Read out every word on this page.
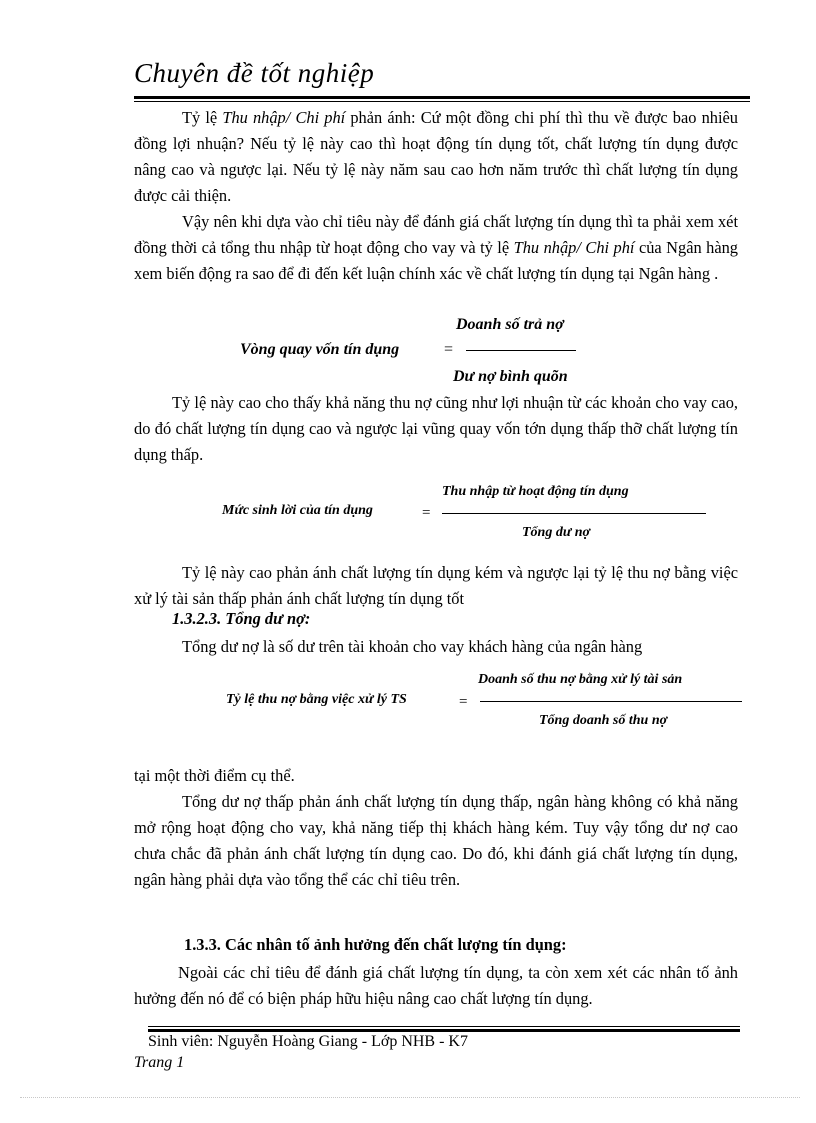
Chuyên đề tốt nghiệp

Tỷ lệ Thu nhập/ Chi phí phản ánh: Cứ một đồng chi phí thì thu về được bao nhiêu đồng lợi nhuận? Nếu tỷ lệ này cao thì hoạt động tín dụng tốt, chất lượng tín dụng được nâng cao và ngược lại. Nếu tỷ lệ này năm sau cao hơn năm trước thì chất lượng tín dụng được cải thiện.

Vậy nên khi dựa vào chỉ tiêu này để đánh giá chất lượng tín dụng thì ta phải xem xét đồng thời cả tổng thu nhập từ hoạt động cho vay và tỷ lệ Thu nhập/ Chi phí của Ngân hàng xem biến động ra sao để đi đến kết luận chính xác về chất lượng tín dụng tại Ngân hàng .

Vòng quay vốn tín dụng	=
Doanh số trả nợ
Dư nợ bình quõn

Tỷ lệ này cao cho thấy khả năng thu nợ cũng như lợi nhuận từ các khoản cho vay cao, do đó chất lượng tín dụng cao và ngược lại vũng quay vốn tớn dụng thấp thỡ chất lượng tín dụng thấp.

Mức sinh lời của tín dụng	=
Thu nhập từ hoạt động tín dụng
Tổng dư nợ

Tỷ lệ này cao phản ánh chất lượng tín dụng kém và ngược lại tỷ lệ thu nợ bằng việc xử lý tài sản thấp phản ánh chất lượng tín dụng tốt

1.3.2.3. Tổng dư nợ:

Tổng dư nợ là số dư trên tài khoản cho vay khách hàng của ngân hàng

Tỷ lệ thu nợ bằng việc xử lý TS	=
Doanh số thu nợ bằng xử lý tài sản
Tổng doanh số thu nợ

tại một thời điểm cụ thể.

Tổng dư nợ thấp phản ánh chất lượng tín dụng thấp, ngân hàng không có khả năng mở rộng hoạt động cho vay, khả năng tiếp thị khách hàng kém. Tuy vậy tổng dư nợ cao chưa chắc đã phản ánh chất lượng tín dụng cao. Do đó, khi đánh giá chất lượng tín dụng, ngân hàng phải dựa vào tổng thể các chỉ tiêu trên.

1.3.3. Các nhân tố ảnh hưởng đến chất lượng tín dụng:

Ngoài các chỉ tiêu để đánh giá chất lượng tín dụng, ta còn xem xét các nhân tố ảnh hưởng đến nó để có biện pháp hữu hiệu nâng cao chất lượng tín dụng.

Sinh viên: Nguyễn Hoàng Giang - Lớp NHB - K7
Trang 1
